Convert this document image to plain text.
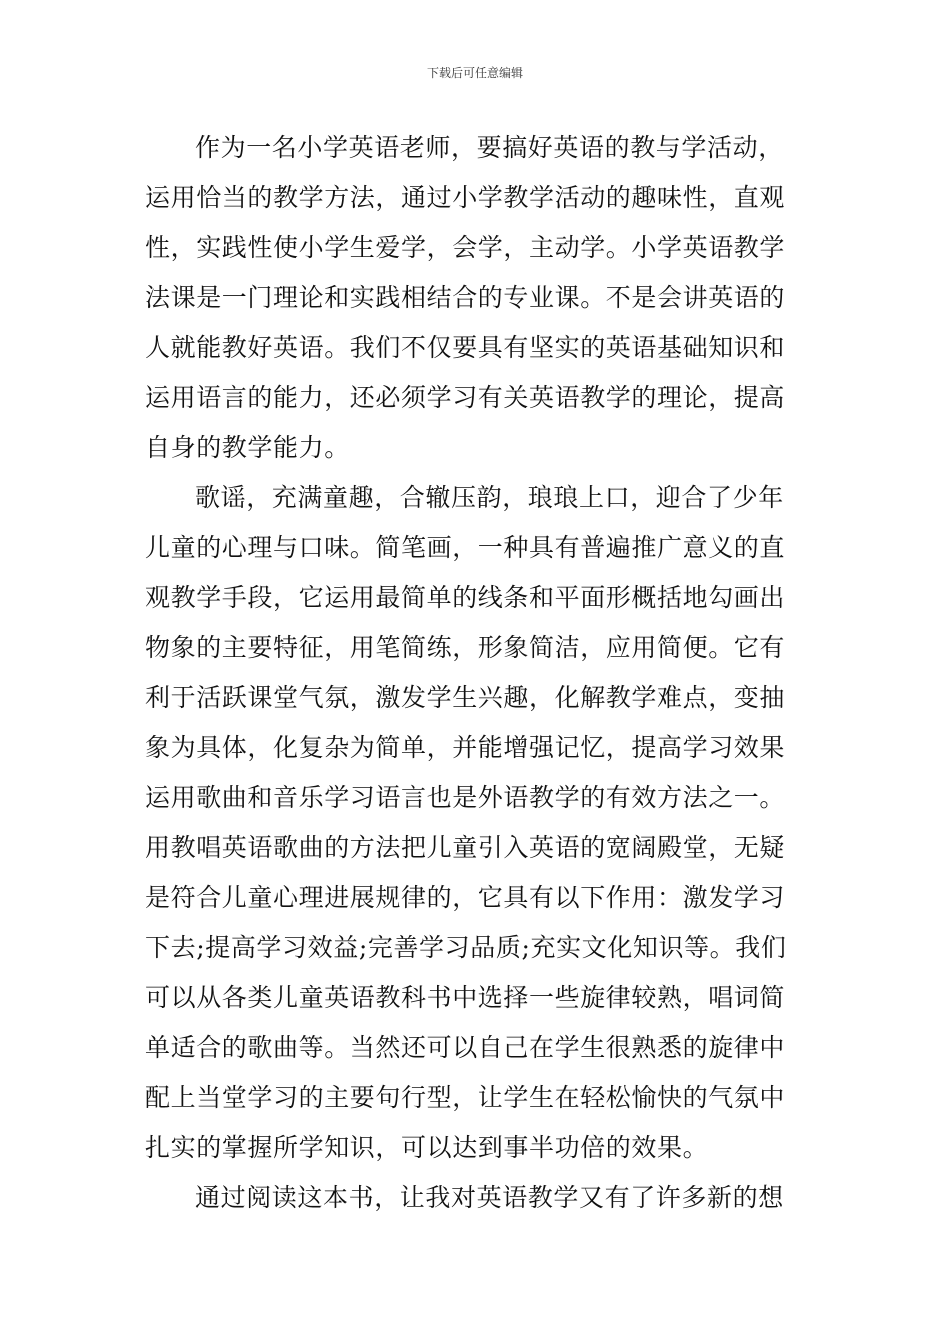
下载后可任意编辑
作为一名小学英语老师，要搞好英语的教与学活动，
运用恰当的教学方法，通过小学教学活动的趣味性，直观
性，实践性使小学生爱学，会学，主动学。小学英语教学
法课是一门理论和实践相结合的专业课。不是会讲英语的
人就能教好英语。我们不仅要具有坚实的英语基础知识和
运用语言的能力，还必须学习有关英语教学的理论，提高
自身的教学能力。
歌谣，充满童趣，合辙压韵，琅琅上口，迎合了少年
儿童的心理与口味。简笔画，一种具有普遍推广意义的直
观教学手段，它运用最简单的线条和平面形概括地勾画出
物象的主要特征，用笔简练，形象简洁，应用简便。它有
利于活跃课堂气氛，激发学生兴趣，化解教学难点，变抽
象为具体，化复杂为简单，并能增强记忆，提高学习效果
运用歌曲和音乐学习语言也是外语教学的有效方法之一。
用教唱英语歌曲的方法把儿童引入英语的宽阔殿堂，无疑
是符合儿童心理进展规律的，它具有以下作用：激发学习
下去;提高学习效益;完善学习品质;充实文化知识等。我们
可以从各类儿童英语教科书中选择一些旋律较熟，唱词简
单适合的歌曲等。当然还可以自己在学生很熟悉的旋律中
配上当堂学习的主要句行型，让学生在轻松愉快的气氛中
扎实的掌握所学知识，可以达到事半功倍的效果。
通过阅读这本书，让我对英语教学又有了许多新的想
